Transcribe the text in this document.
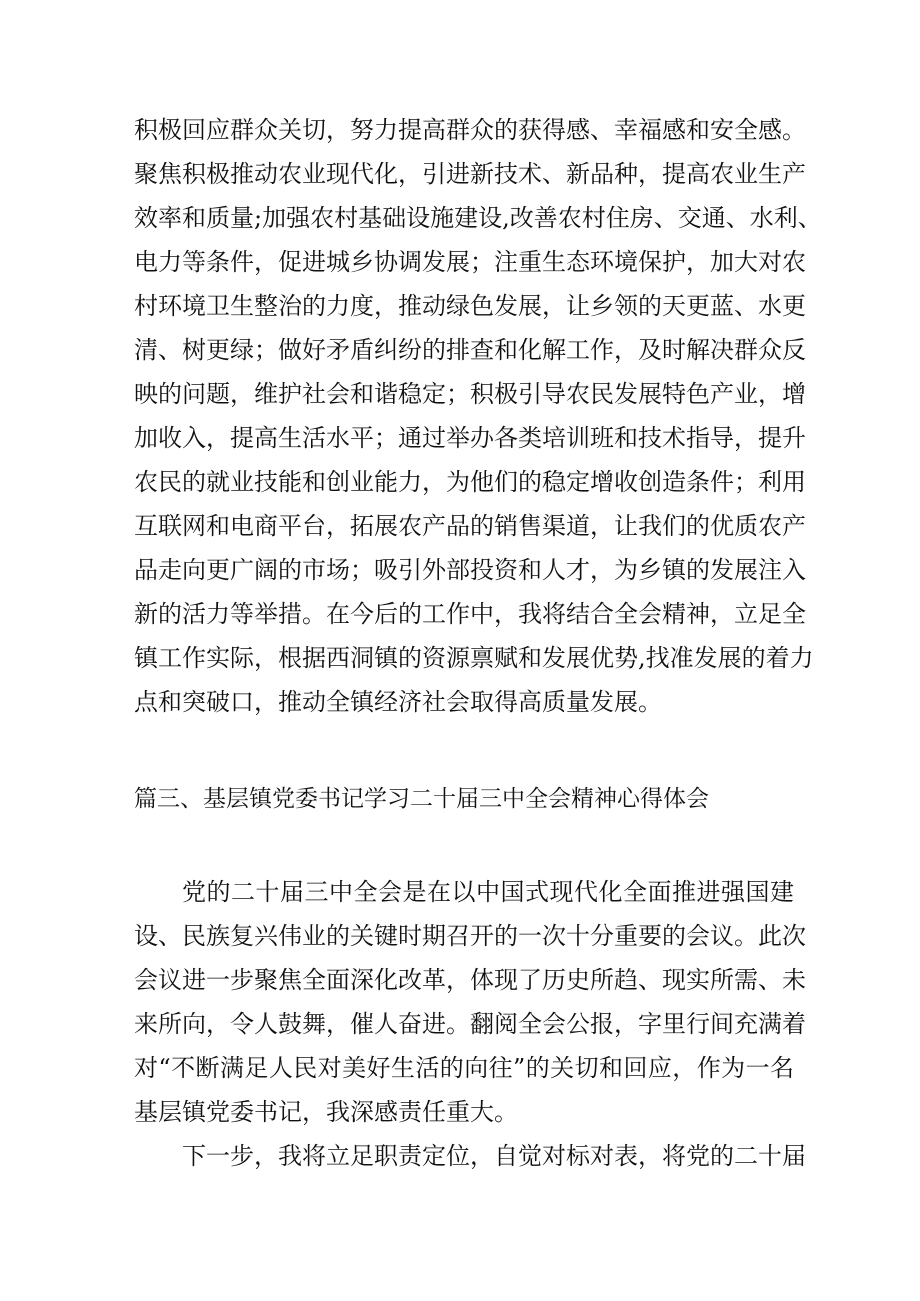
积极回应群众关切，努力提高群众的获得感、幸福感和安全感。
聚焦积极推动农业现代化，引进新技术、新品种，提高农业生产
效率和质量;加强农村基础设施建设,改善农村住房、交通、水利、
电力等条件，促进城乡协调发展；注重生态环境保护，加大对农
村环境卫生整治的力度，推动绿色发展，让乡领的天更蓝、水更
清、树更绿；做好矛盾纠纷的排查和化解工作，及时解决群众反
映的问题，维护社会和谐稳定；积极引导农民发展特色产业，增
加收入，提高生活水平；通过举办各类培训班和技术指导，提升
农民的就业技能和创业能力，为他们的稳定增收创造条件；利用
互联网和电商平台，拓展农产品的销售渠道，让我们的优质农产
品走向更广阔的市场；吸引外部投资和人才，为乡镇的发展注入
新的活力等举措。在今后的工作中，我将结合全会精神，立足全
镇工作实际，根据西洞镇的资源禀赋和发展优势,找准发展的着力
点和突破口，推动全镇经济社会取得高质量发展。
篇三、基层镇党委书记学习二十届三中全会精神心得体会
党的二十届三中全会是在以中国式现代化全面推进强国建
设、民族复兴伟业的关键时期召开的一次十分重要的会议。此次
会议进一步聚焦全面深化改革，体现了历史所趋、现实所需、未
来所向，令人鼓舞，催人奋进。翻阅全会公报，字里行间充满着
对“不断满足人民对美好生活的向往”的关切和回应，作为一名
基层镇党委书记，我深感责任重大。
下一步，我将立足职责定位，自觉对标对表，将党的二十届
